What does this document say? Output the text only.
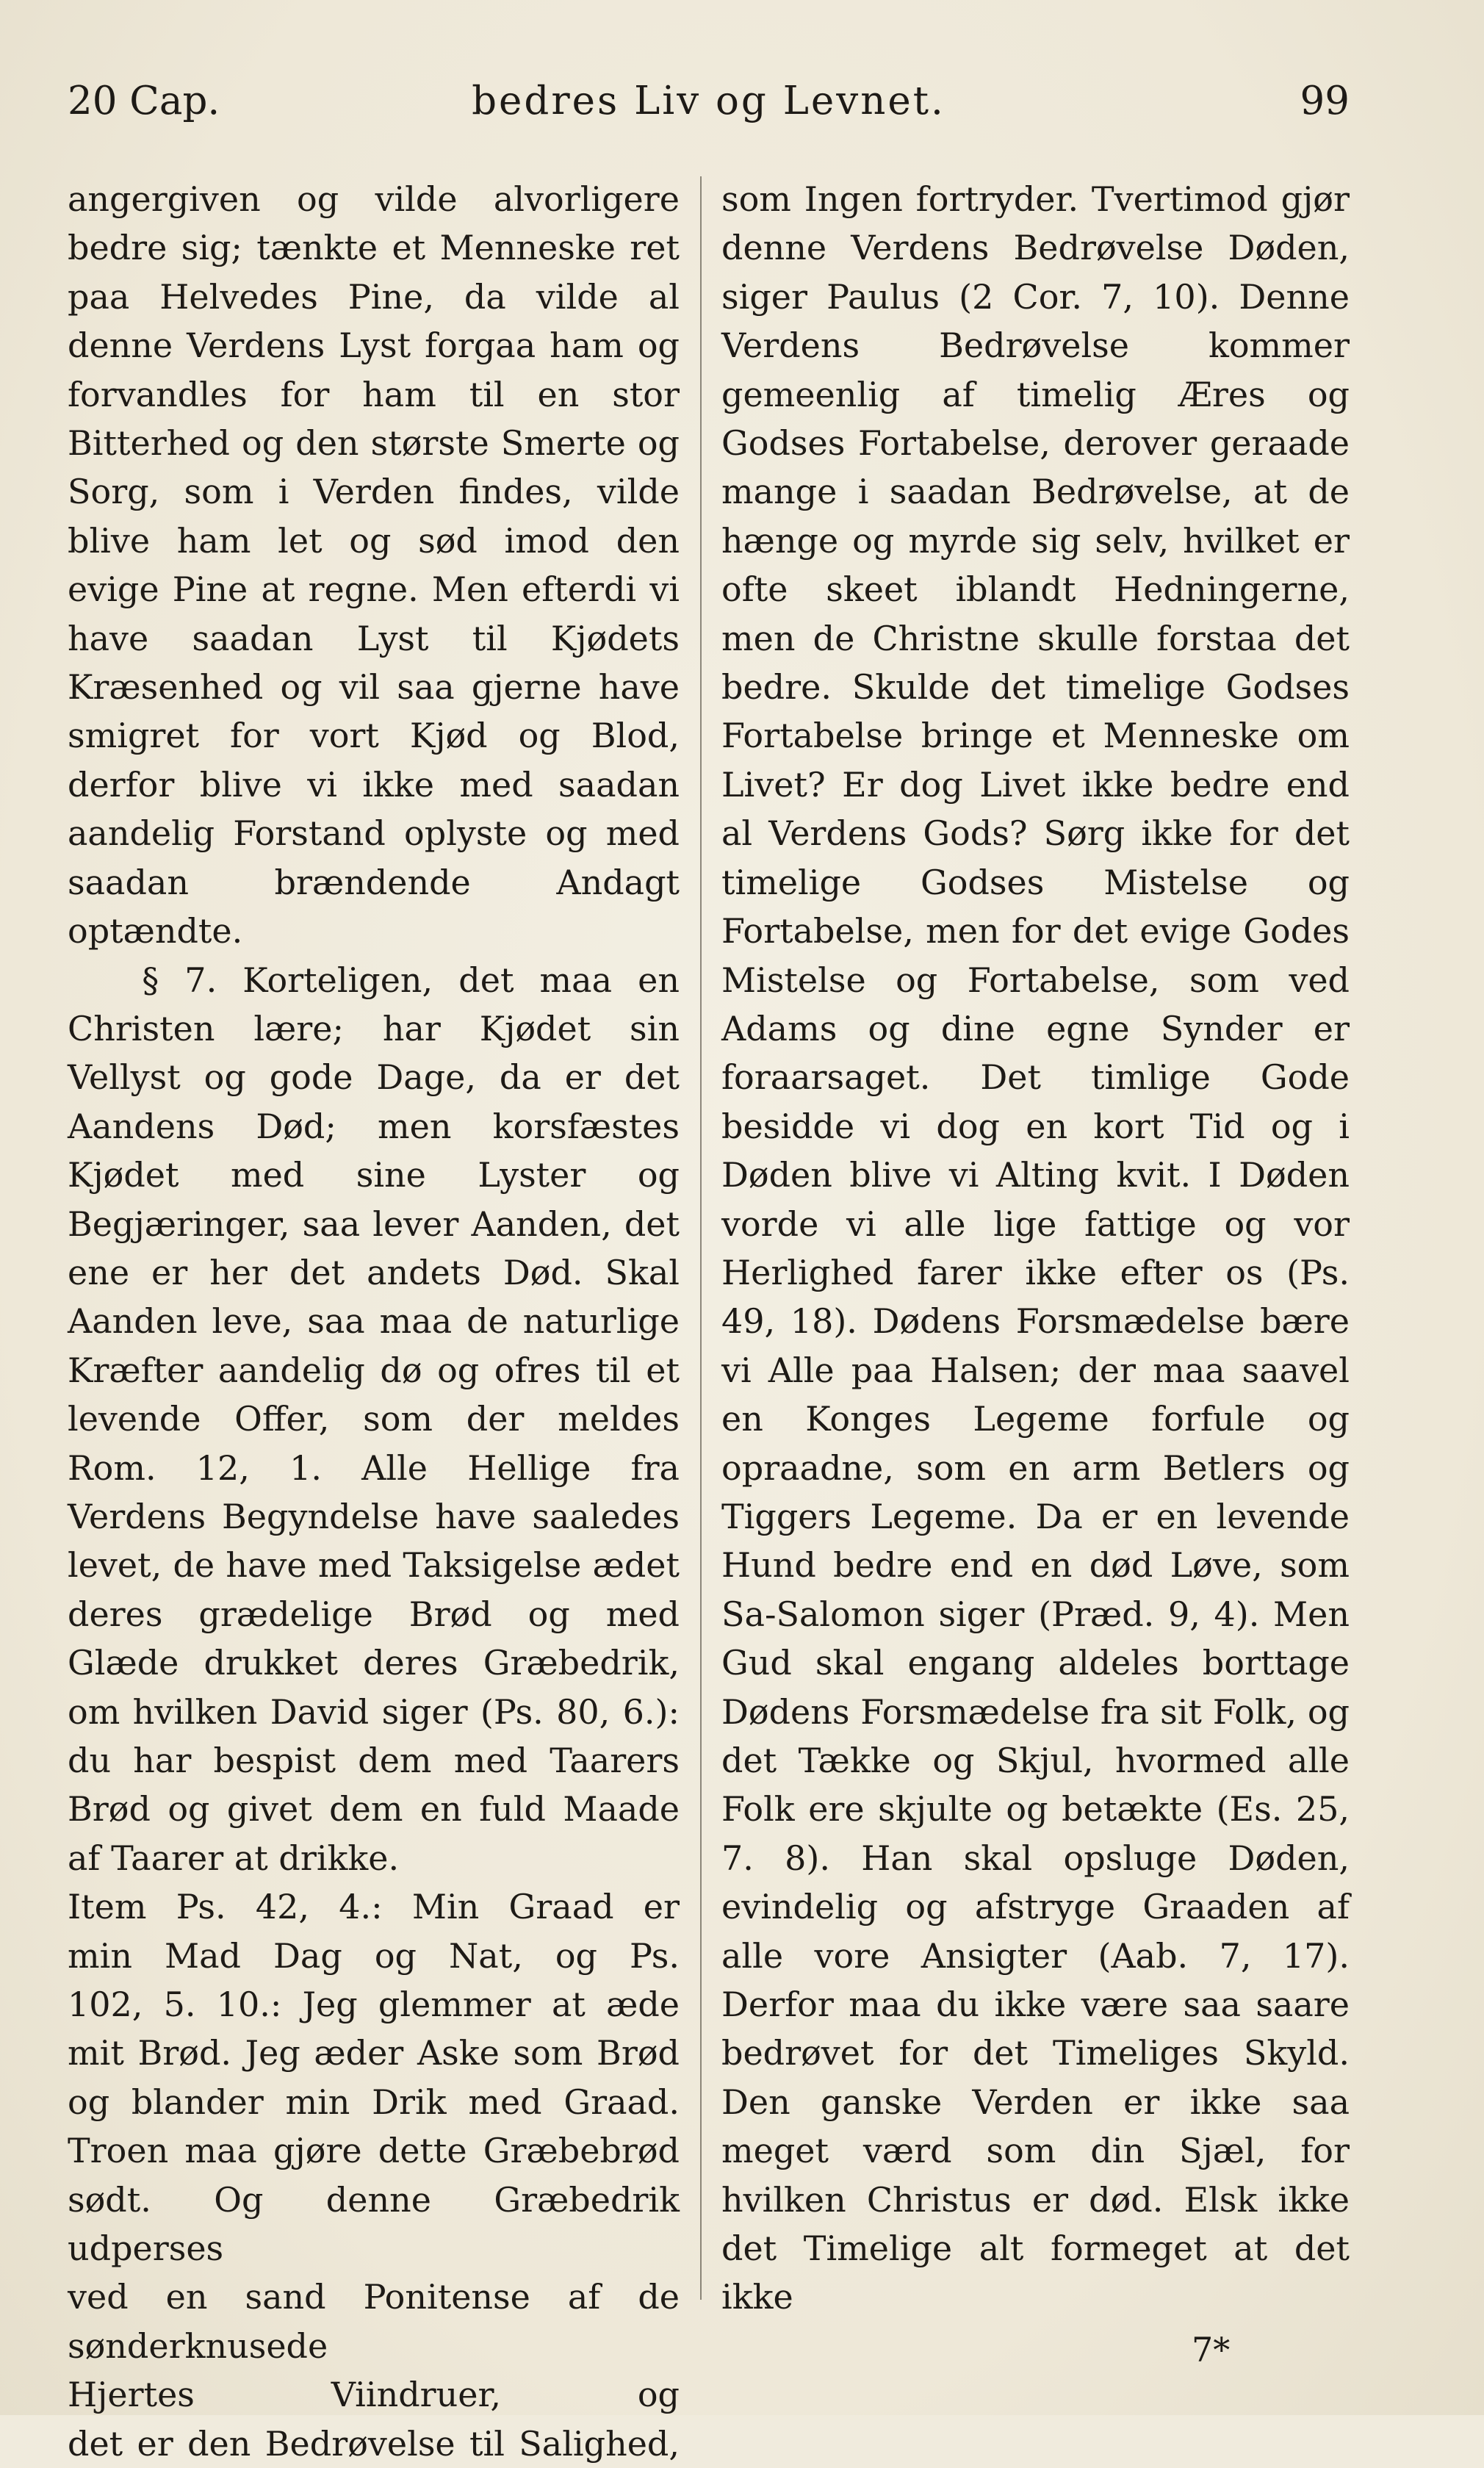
20 Cap.	bedres Liv og Levnet.	99

angergiven og vilde alvorligere bedre sig; tænkte et Menneske ret paa Helvedes Pine, da vilde al denne Verdens Lyst forgaa ham og forvandles for ham til en stor Bitterhed og den største Smerte og Sorg, som i Verden findes, vilde blive ham let og sød imod den evige Pine at regne. Men efterdi vi have saadan Lyst til Kjødets Kræsenhed og vil saa gjerne have smigret for vort Kjød og Blod, derfor blive vi ikke med saadan aandelig Forstand oplyste og med saadan brændende Andagt optændte.

§ 7. Korteligen, det maa en Christen lære; har Kjødet sin Vellyst og gode Dage, da er det Aandens Død; men korsfæstes Kjødet med sine Lyster og Begjæringer, saa lever Aanden, det ene er her det andets Død. Skal Aanden leve, saa maa de naturlige Kræfter aandelig dø og ofres til et levende Offer, som der meldes Rom. 12, 1. Alle Hellige fra Verdens Begyndelse have saaledes levet, de have med Taksigelse ædet deres grædelige Brød og med Glæde drukket deres Græbedrik, om hvilken David siger (Ps. 80, 6.): du har bespist dem med Taarers Brød og givet dem en fuld Maade af Taarer at drikke.

Item Ps. 42, 4.: Min Graad er
min Mad Dag og Nat, og Ps.
102, 5. 10.: Jeg glemmer at æde
mit Brød. Jeg æder Aske som Brød
og blander min Drik med Graad.
Troen maa gjøre dette Græbebrød
sødt. Og denne Græbedrik udperses
ved en sand Ponitense af de sønderknusede
Hjertes Viindruer, og
det er den Bedrøvelse til Salighed,

som Ingen fortryder. Tvertimod gjør denne Verdens Bedrøvelse Døden, siger Paulus (2 Cor. 7, 10). Denne Verdens Bedrøvelse kommer gemeenlig af timelig Æres og Godses Fortabelse, derover geraade mange i saadan Bedrøvelse, at de hænge og myrde sig selv, hvilket er ofte skeet iblandt Hedningerne, men de Christne skulle forstaa det bedre. Skulde det timelige Godses Fortabelse bringe et Menneske om Livet? Er dog Livet ikke bedre end al Verdens Gods? Sørg ikke for det timelige Godses Mistelse og Fortabelse, men for det evige Godes Mistelse og Fortabelse, som ved Adams og dine egne Synder er foraarsaget. Det timlige Gode besidde vi dog en kort Tid og i Døden blive vi Alting kvit. I Døden vorde vi alle lige fattige og vor Herlighed farer ikke efter os (Ps. 49, 18). Dødens Forsmædelse bære vi Alle paa Halsen; der maa saavel en Konges Legeme forfule og opraadne, som en arm Betlers og Tiggers Legeme. Da er en levende Hund bedre end en død Løve, som Sa-Salomon siger (Præd. 9, 4). Men Gud skal engang aldeles borttage Dødens Forsmædelse fra sit Folk, og det Tække og Skjul, hvormed alle Folk ere skjulte og betækte (Es. 25, 7. 8). Han skal opsluge Døden, evindelig og afstryge Graaden af alle vore Ansigter (Aab. 7, 17). Derfor maa du ikke være saa saare bedrøvet for det Timeliges Skyld. Den ganske Verden er ikke saa meget værd som din Sjæl, for hvilken Christus er død. Elsk ikke det Timelige alt formeget at det ikke

7*
